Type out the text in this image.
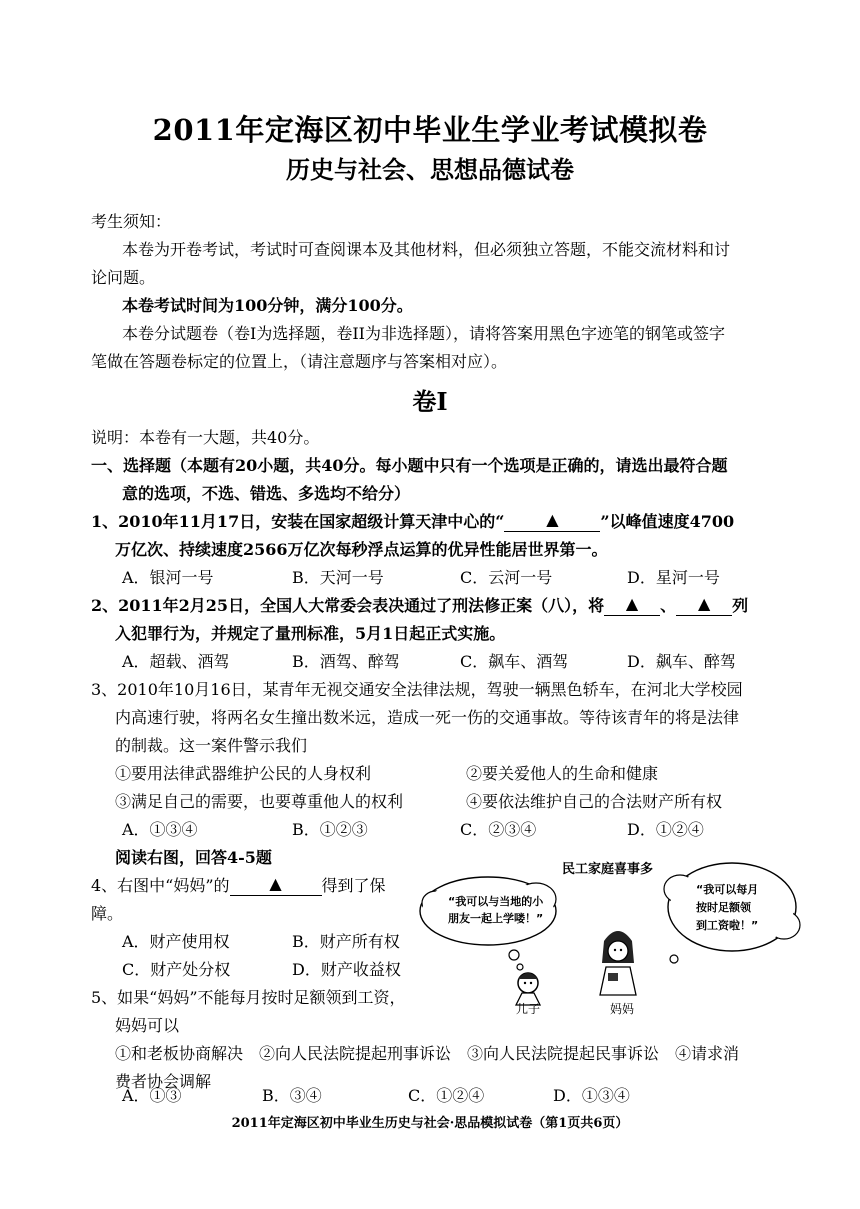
2011年定海区初中毕业生学业考试模拟卷
历史与社会、思想品德试卷
考生须知：
本卷为开卷考试，考试时可查阅课本及其他材料，但必须独立答题，不能交流材料和讨
论问题。
本卷考试时间为100分钟，满分100分。
本卷分试题卷（卷I为选择题，卷II为非选择题），请将答案用黑色字迹笔的钢笔或签字
笔做在答题卷标定的位置上，（请注意题序与答案相对应）。
卷I
说明：本卷有一大题，共40分。
一、选择题（本题有20小题，共40分。每小题中只有一个选项是正确的，请选出最符合题
意的选项，不选、错选、多选均不给分）
1、2010年11月17日，安装在国家超级计算天津中心的“	▲	”以峰值速度4700
万亿次、持续速度2566万亿次每秒浮点运算的优异性能居世界第一。
A．银河一号	B．天河一号	C．云河一号	D．星河一号
2、2011年2月25日，全国人大常委会表决通过了刑法修正案（八），将 ▲ 、 ▲ 列
入犯罪行为，并规定了量刑标准，5月1日起正式实施。
A．超载、酒驾	B．酒驾、醉驾	C．飙车、酒驾	D．飙车、醉驾
3、2010年10月16日，某青年无视交通安全法律法规，驾驶一辆黑色轿车，在河北大学校园
内高速行驶，将两名女生撞出数米远，造成一死一伤的交通事故。等待该青年的将是法律
的制裁。这一案件警示我们
①要用法律武器维护公民的人身权利	②要关爱他人的生命和健康
③满足自己的需要，也要尊重他人的权利	④要依法维护自己的合法财产所有权
A．①③④	B．①②③	C．②③④	D．①②④
阅读右图，回答4-5题
4、右图中“妈妈”的 ▲ 得到了保
障。
A．财产使用权	B．财产所有权
C．财产处分权	D．财产收益权
5、如果“妈妈”不能每月按时足额领到工资，
妈妈可以
①和老板协商解决　②向人民法院提起刑事诉讼　③向人民法院提起民事诉讼　④请求消
费者协会调解
A．①③	B．③④	C．①②④	D．①③④
民工家庭喜事多
“我可以与当地的小
朋友一起上学喽！”
“我可以每月
按时足额领
到工资啦！”
儿子	妈妈
2011年定海区初中毕业生历史与社会·思品模拟试卷（第1页共6页）
